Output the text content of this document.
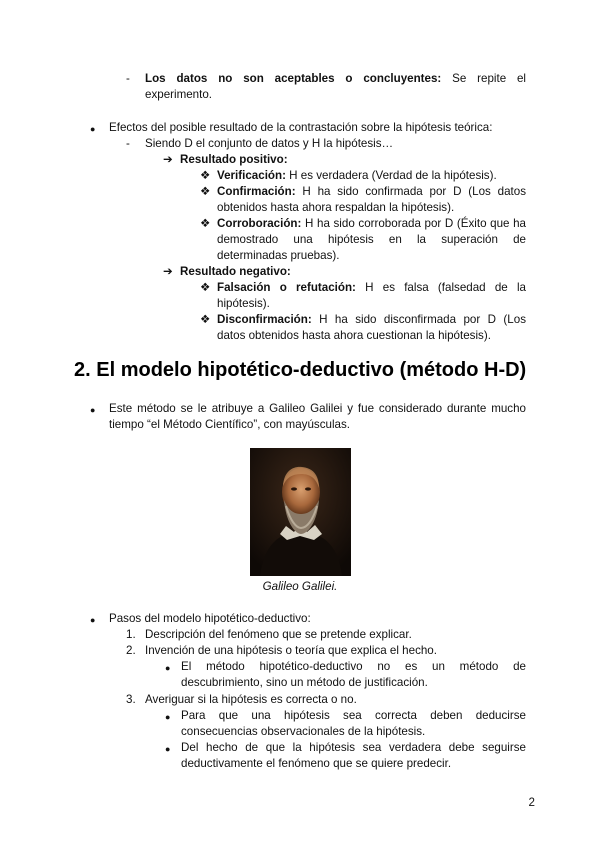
- Los datos no son aceptables o concluyentes: Se repite el experimento.
● Efectos del posible resultado de la contrastación sobre la hipótesis teórica:
- Siendo D el conjunto de datos y H la hipótesis…
➔ Resultado positivo:
❖ Verificación: H es verdadera (Verdad de la hipótesis).
❖ Confirmación: H ha sido confirmada por D (Los datos obtenidos hasta ahora respaldan la hipótesis).
❖ Corroboración: H ha sido corroborada por D (Éxito que ha demostrado una hipótesis en la superación de determinadas pruebas).
➔ Resultado negativo:
❖ Falsación o refutación: H es falsa (falsedad de la hipótesis).
❖ Disconfirmación: H ha sido disconfirmada por D (Los datos obtenidos hasta ahora cuestionan la hipótesis).
2. El modelo hipotético-deductivo (método H-D)
● Este método se le atribuye a Galileo Galilei y fue considerado durante mucho tiempo “el Método Científico”, con mayúsculas.
Galileo Galilei.
● Pasos del modelo hipotético-deductivo:
1. Descripción del fenómeno que se pretende explicar.
2. Invención de una hipótesis o teoría que explica el hecho.
● El método hipotético-deductivo no es un método de descubrimiento, sino un método de justificación.
3. Averiguar si la hipótesis es correcta o no.
● Para que una hipótesis sea correcta deben deducirse consecuencias observacionales de la hipótesis.
● Del hecho de que la hipótesis sea verdadera debe seguirse deductivamente el fenómeno que se quiere predecir.
2
